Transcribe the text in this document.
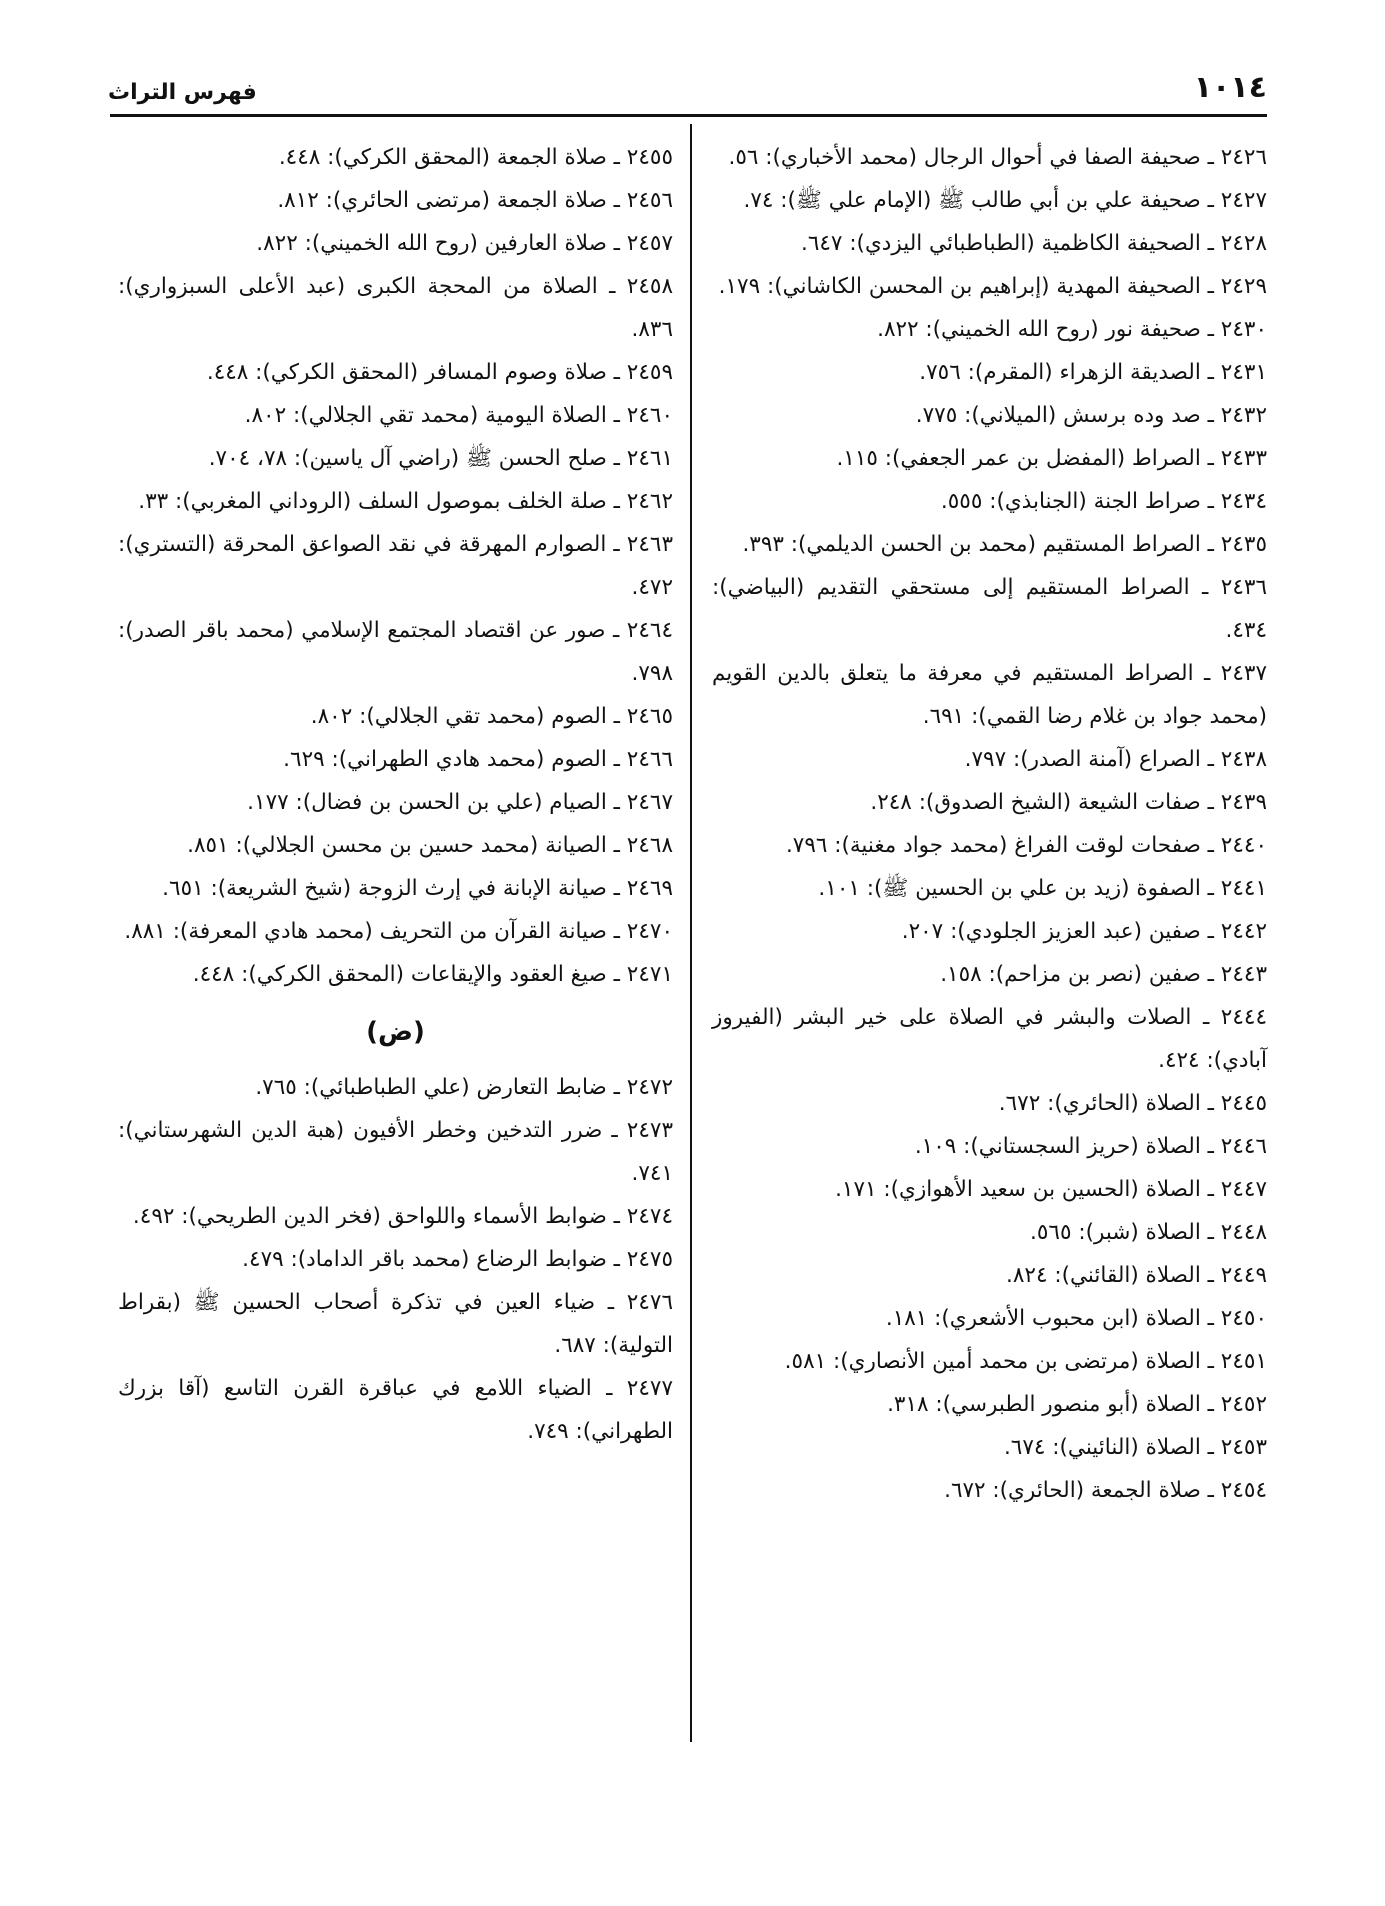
١٠١٤
فهرس التراث
٢٤٢٦ ـ صحيفة الصفا في أحوال الرجال (محمد الأخباري): ٥٦.
٢٤٢٧ ـ صحيفة علي بن أبي طالب ﷺ (الإمام علي ﷺ): ٧٤.
٢٤٢٨ ـ الصحيفة الكاظمية (الطباطبائي اليزدي): ٦٤٧.
٢٤٢٩ ـ الصحيفة المهدية (إبراهيم بن المحسن الكاشاني): ١٧٩.
٢٤٣٠ ـ صحيفة نور (روح الله الخميني): ٨٢٢.
٢٤٣١ ـ الصديقة الزهراء (المقرم): ٧٥٦.
٢٤٣٢ ـ صد وده برسش (الميلاني): ٧٧٥.
٢٤٣٣ ـ الصراط (المفضل بن عمر الجعفي): ١١٥.
٢٤٣٤ ـ صراط الجنة (الجنابذي): ٥٥٥.
٢٤٣٥ ـ الصراط المستقيم (محمد بن الحسن الديلمي): ٣٩٣.
٢٤٣٦ ـ الصراط المستقيم إلى مستحقي التقديم (البياضي): ٤٣٤.
٢٤٣٧ ـ الصراط المستقيم في معرفة ما يتعلق بالدين القويم (محمد جواد بن غلام رضا القمي): ٦٩١.
٢٤٣٨ ـ الصراع (آمنة الصدر): ٧٩٧.
٢٤٣٩ ـ صفات الشيعة (الشيخ الصدوق): ٢٤٨.
٢٤٤٠ ـ صفحات لوقت الفراغ (محمد جواد مغنية): ٧٩٦.
٢٤٤١ ـ الصفوة (زيد بن علي بن الحسين ﷺ): ١٠١.
٢٤٤٢ ـ صفين (عبد العزيز الجلودي): ٢٠٧.
٢٤٤٣ ـ صفين (نصر بن مزاحم): ١٥٨.
٢٤٤٤ ـ الصلات والبشر في الصلاة على خير البشر (الفيروز آبادي): ٤٢٤.
٢٤٤٥ ـ الصلاة (الحائري): ٦٧٢.
٢٤٤٦ ـ الصلاة (حريز السجستاني): ١٠٩.
٢٤٤٧ ـ الصلاة (الحسين بن سعيد الأهوازي): ١٧١.
٢٤٤٨ ـ الصلاة (شبر): ٥٦٥.
٢٤٤٩ ـ الصلاة (القائني): ٨٢٤.
٢٤٥٠ ـ الصلاة (ابن محبوب الأشعري): ١٨١.
٢٤٥١ ـ الصلاة (مرتضى بن محمد أمين الأنصاري): ٥٨١.
٢٤٥٢ ـ الصلاة (أبو منصور الطبرسي): ٣١٨.
٢٤٥٣ ـ الصلاة (النائيني): ٦٧٤.
٢٤٥٤ ـ صلاة الجمعة (الحائري): ٦٧٢.
٢٤٥٥ ـ صلاة الجمعة (المحقق الكركي): ٤٤٨.
٢٤٥٦ ـ صلاة الجمعة (مرتضى الحائري): ٨١٢.
٢٤٥٧ ـ صلاة العارفين (روح الله الخميني): ٨٢٢.
٢٤٥٨ ـ الصلاة من المحجة الكبرى (عبد الأعلى السبزواري): ٨٣٦.
٢٤٥٩ ـ صلاة وصوم المسافر (المحقق الكركي): ٤٤٨.
٢٤٦٠ ـ الصلاة اليومية (محمد تقي الجلالي): ٨٠٢.
٢٤٦١ ـ صلح الحسن ﷺ (راضي آل ياسين): ٧٨، ٧٠٤.
٢٤٦٢ ـ صلة الخلف بموصول السلف (الروداني المغربي): ٣٣.
٢٤٦٣ ـ الصوارم المهرقة في نقد الصواعق المحرقة (التستري): ٤٧٢.
٢٤٦٤ ـ صور عن اقتصاد المجتمع الإسلامي (محمد باقر الصدر): ٧٩٨.
٢٤٦٥ ـ الصوم (محمد تقي الجلالي): ٨٠٢.
٢٤٦٦ ـ الصوم (محمد هادي الطهراني): ٦٢٩.
٢٤٦٧ ـ الصيام (علي بن الحسن بن فضال): ١٧٧.
٢٤٦٨ ـ الصيانة (محمد حسين بن محسن الجلالي): ٨٥١.
٢٤٦٩ ـ صيانة الإبانة في إرث الزوجة (شيخ الشريعة): ٦٥١.
٢٤٧٠ ـ صيانة القرآن من التحريف (محمد هادي المعرفة): ٨٨١.
٢٤٧١ ـ صيغ العقود والإيقاعات (المحقق الكركي): ٤٤٨.
(ض)
٢٤٧٢ ـ ضابط التعارض (علي الطباطبائي): ٧٦٥.
٢٤٧٣ ـ ضرر التدخين وخطر الأفيون (هبة الدين الشهرستاني): ٧٤١.
٢٤٧٤ ـ ضوابط الأسماء واللواحق (فخر الدين الطريحي): ٤٩٢.
٢٤٧٥ ـ ضوابط الرضاع (محمد باقر الداماد): ٤٧٩.
٢٤٧٦ ـ ضياء العين في تذكرة أصحاب الحسين ﷺ (بقراط التولية): ٦٨٧.
٢٤٧٧ ـ الضياء اللامع في عباقرة القرن التاسع (آقا بزرك الطهراني): ٧٤٩.
